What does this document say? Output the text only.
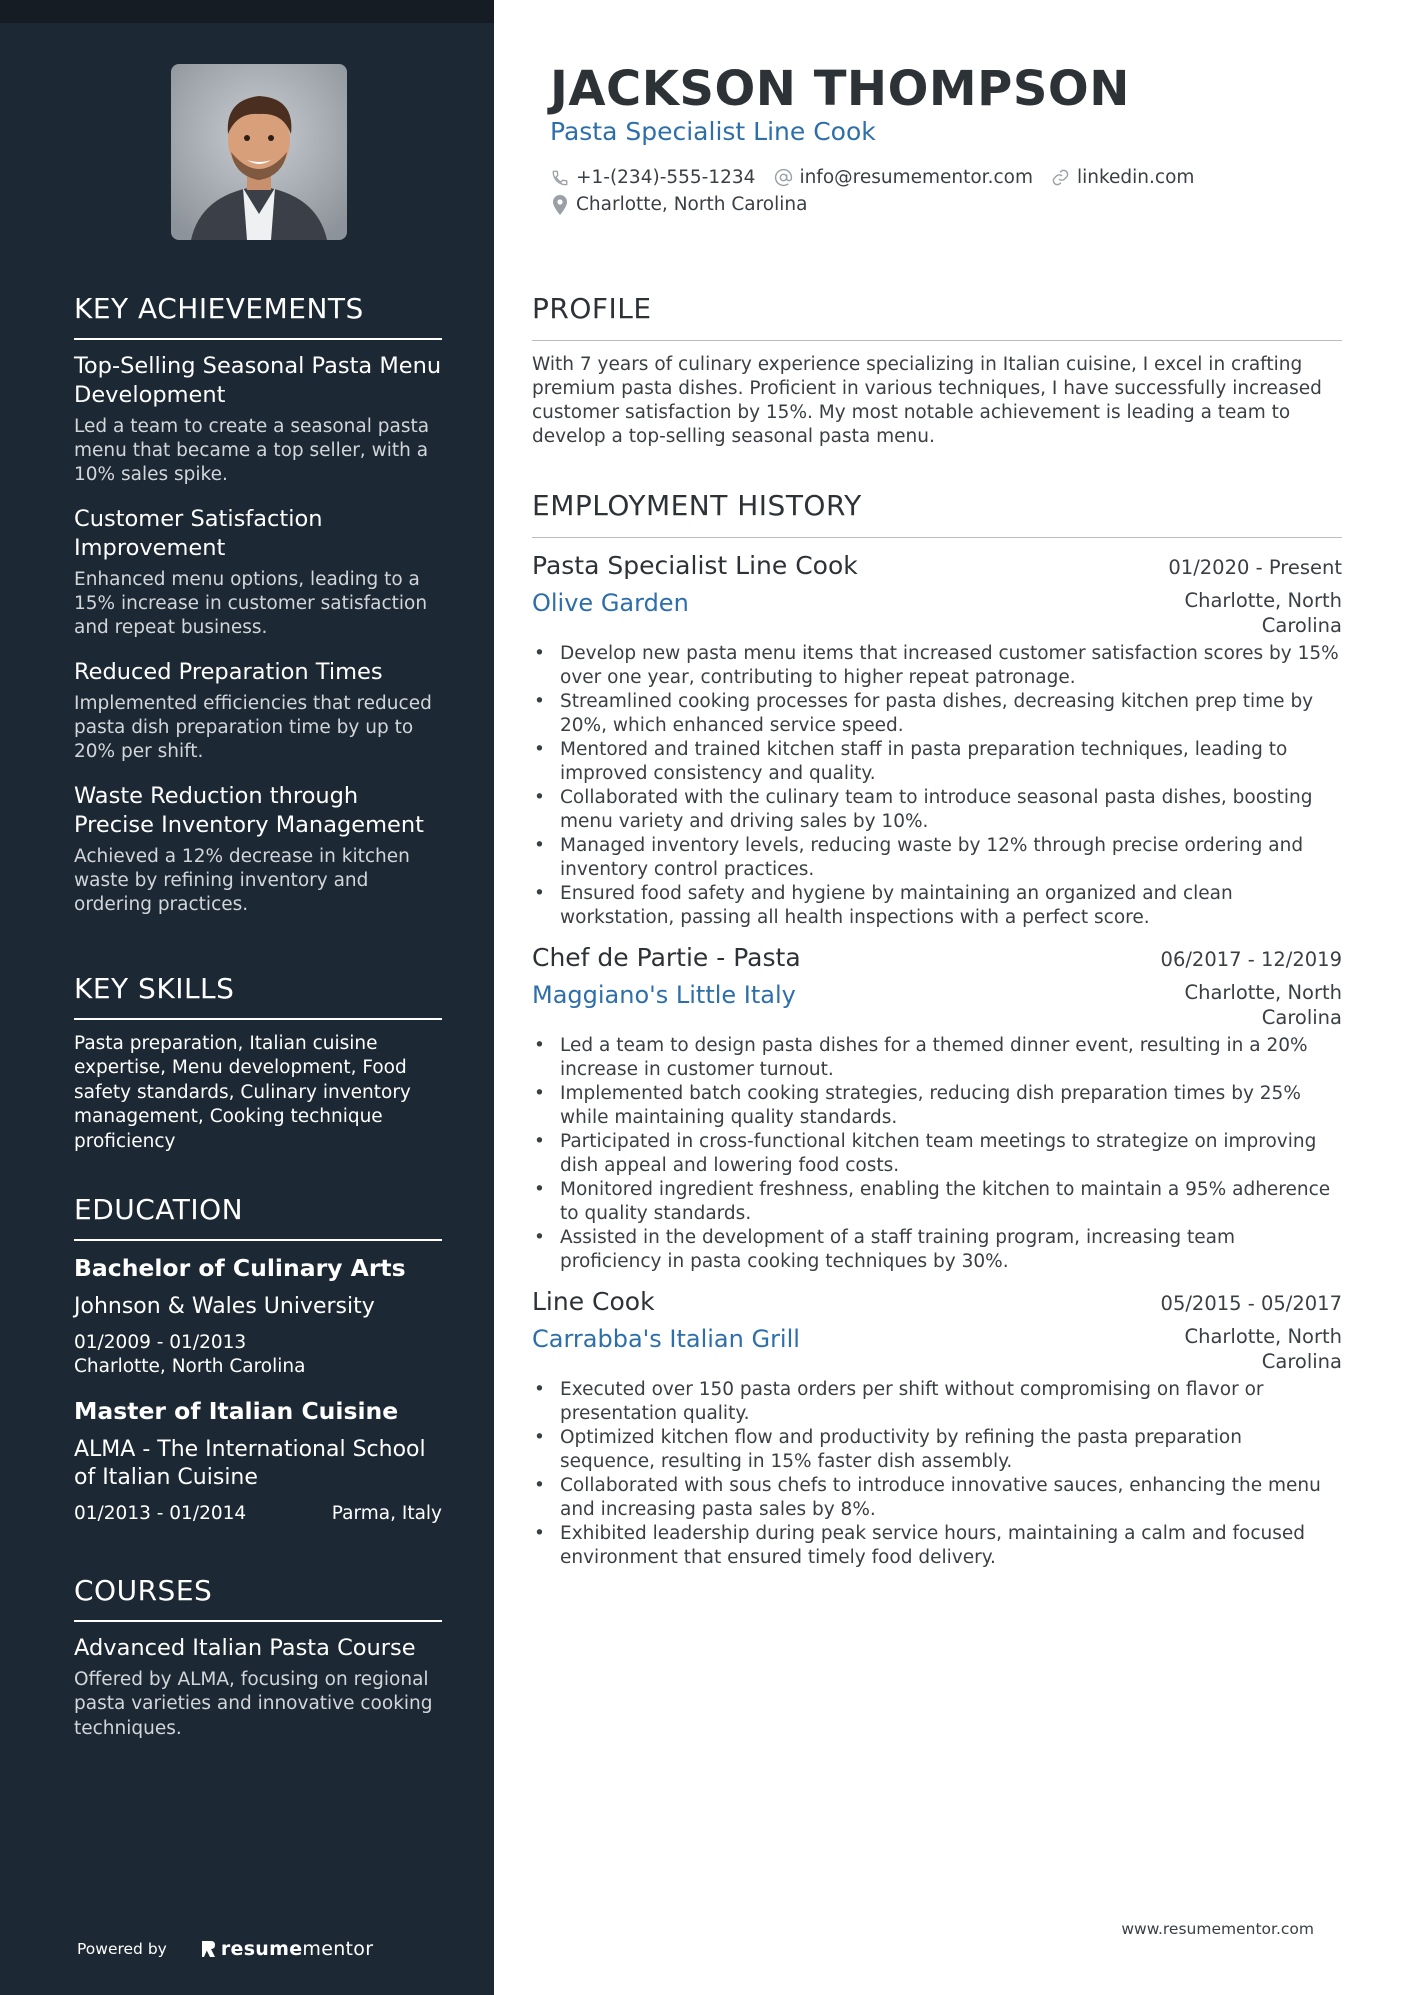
KEY ACHIEVEMENTS
Top-Selling Seasonal Pasta Menu Development
Led a team to create a seasonal pasta menu that became a top seller, with a 10% sales spike.
Customer Satisfaction Improvement
Enhanced menu options, leading to a 15% increase in customer satisfaction and repeat business.
Reduced Preparation Times
Implemented efficiencies that reduced pasta dish preparation time by up to 20% per shift.
Waste Reduction through Precise Inventory Management
Achieved a 12% decrease in kitchen waste by refining inventory and ordering practices.
KEY SKILLS
Pasta preparation, Italian cuisine expertise, Menu development, Food safety standards, Culinary inventory management, Cooking technique proficiency
EDUCATION
Bachelor of Culinary Arts
Johnson & Wales University
01/2009 - 01/2013
Charlotte, North Carolina
Master of Italian Cuisine
ALMA - The International School of Italian Cuisine
01/2013 - 01/2014	Parma, Italy
COURSES
Advanced Italian Pasta Course
Offered by ALMA, focusing on regional pasta varieties and innovative cooking techniques.
Powered by	resume mentor
JACKSON THOMPSON
Pasta Specialist Line Cook
+1-(234)-555-1234 info@resumementor.com linkedin.com
Charlotte, North Carolina
PROFILE
With 7 years of culinary experience specializing in Italian cuisine, I excel in crafting premium pasta dishes. Proficient in various techniques, I have successfully increased customer satisfaction by 15%. My most notable achievement is leading a team to develop a top-selling seasonal pasta menu.
EMPLOYMENT HISTORY
Pasta Specialist Line Cook	01/2020 - Present
Olive Garden	Charlotte, North Carolina
• Develop new pasta menu items that increased customer satisfaction scores by 15% over one year, contributing to higher repeat patronage.
• Streamlined cooking processes for pasta dishes, decreasing kitchen prep time by 20%, which enhanced service speed.
• Mentored and trained kitchen staff in pasta preparation techniques, leading to improved consistency and quality.
• Collaborated with the culinary team to introduce seasonal pasta dishes, boosting menu variety and driving sales by 10%.
• Managed inventory levels, reducing waste by 12% through precise ordering and inventory control practices.
• Ensured food safety and hygiene by maintaining an organized and clean workstation, passing all health inspections with a perfect score.
Chef de Partie - Pasta	06/2017 - 12/2019
Maggiano's Little Italy	Charlotte, North Carolina
• Led a team to design pasta dishes for a themed dinner event, resulting in a 20% increase in customer turnout.
• Implemented batch cooking strategies, reducing dish preparation times by 25% while maintaining quality standards.
• Participated in cross-functional kitchen team meetings to strategize on improving dish appeal and lowering food costs.
• Monitored ingredient freshness, enabling the kitchen to maintain a 95% adherence to quality standards.
• Assisted in the development of a staff training program, increasing team proficiency in pasta cooking techniques by 30%.
Line Cook	05/2015 - 05/2017
Carrabba's Italian Grill	Charlotte, North Carolina
• Executed over 150 pasta orders per shift without compromising on flavor or presentation quality.
• Optimized kitchen flow and productivity by refining the pasta preparation sequence, resulting in 15% faster dish assembly.
• Collaborated with sous chefs to introduce innovative sauces, enhancing the menu and increasing pasta sales by 8%.
• Exhibited leadership during peak service hours, maintaining a calm and focused environment that ensured timely food delivery.
www.resumementor.com
